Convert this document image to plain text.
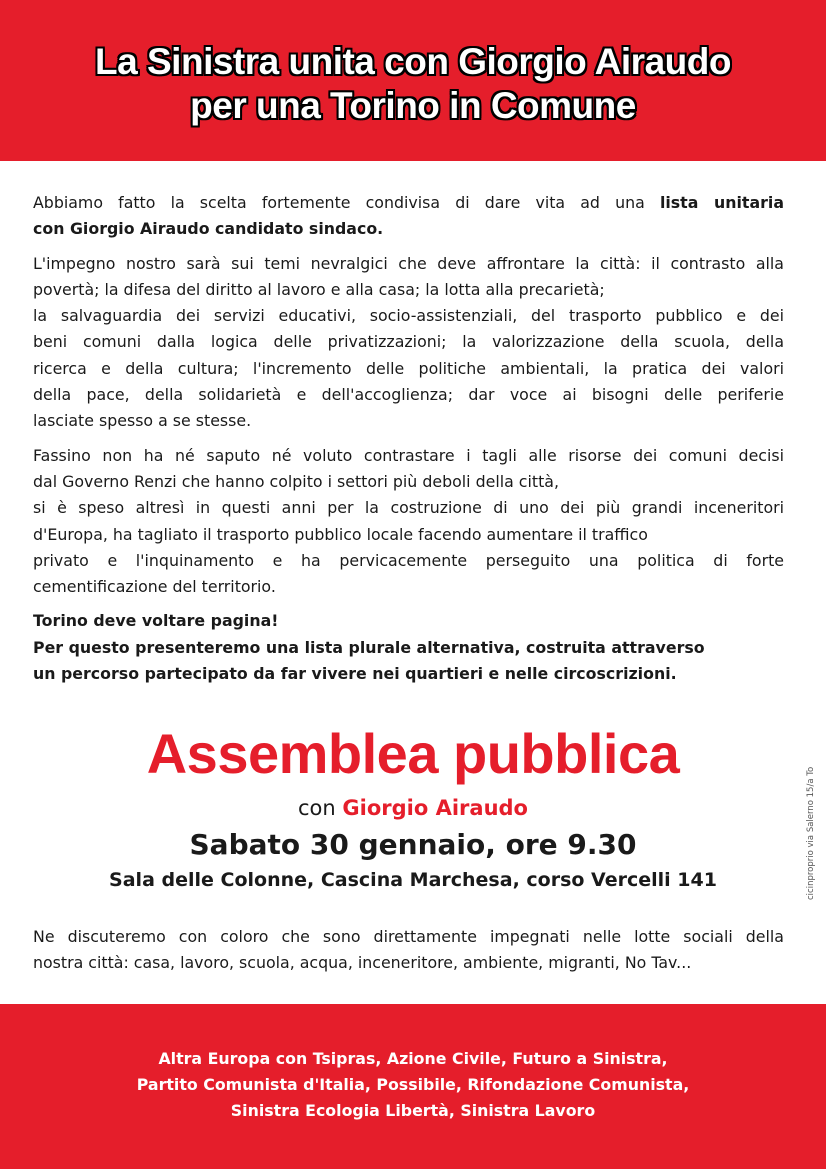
La Sinistra unita con Giorgio Airaudo
per una Torino in Comune

Abbiamo fatto la scelta fortemente condivisa di dare vita ad una lista unitaria
con Giorgio Airaudo candidato sindaco.

L'impegno nostro sarà sui temi nevralgici che deve affrontare la città: il contrasto alla
povertà; la difesa del diritto al lavoro e alla casa; la lotta alla precarietà;
la salvaguardia dei servizi educativi, socio-assistenziali, del trasporto pubblico e dei
beni comuni dalla logica delle privatizzazioni; la valorizzazione della scuola, della
ricerca e della cultura; l'incremento delle politiche ambientali, la pratica dei valori
della pace, della solidarietà e dell'accoglienza; dar voce ai bisogni delle periferie
lasciate spesso a se stesse.

Fassino non ha né saputo né voluto contrastare i tagli alle risorse dei comuni decisi
dal Governo Renzi che hanno colpito i settori più deboli della città,
si è speso altresì in questi anni per la costruzione di uno dei più grandi inceneritori
d'Europa, ha tagliato il trasporto pubblico locale facendo aumentare il traffico
privato e l'inquinamento e ha pervicacemente perseguito una politica di forte
cementificazione del territorio.

Torino deve voltare pagina!
Per questo presenteremo una lista plurale alternativa, costruita attraverso
un percorso partecipato da far vivere nei quartieri e nelle circoscrizioni.

Assemblea pubblica

con Giorgio Airaudo

Sabato 30 gennaio, ore 9.30

Sala delle Colonne, Cascina Marchesa, corso Vercelli 141

Ne discuteremo con coloro che sono direttamente impegnati nelle lotte sociali della
nostra città: casa, lavoro, scuola, acqua, inceneritore, ambiente, migranti, No Tav...
cicinproprio via Salerno 15/a To

Altra Europa con Tsipras, Azione Civile, Futuro a Sinistra,
Partito Comunista d'Italia, Possibile, Rifondazione Comunista,
Sinistra Ecologia Libertà, Sinistra Lavoro
